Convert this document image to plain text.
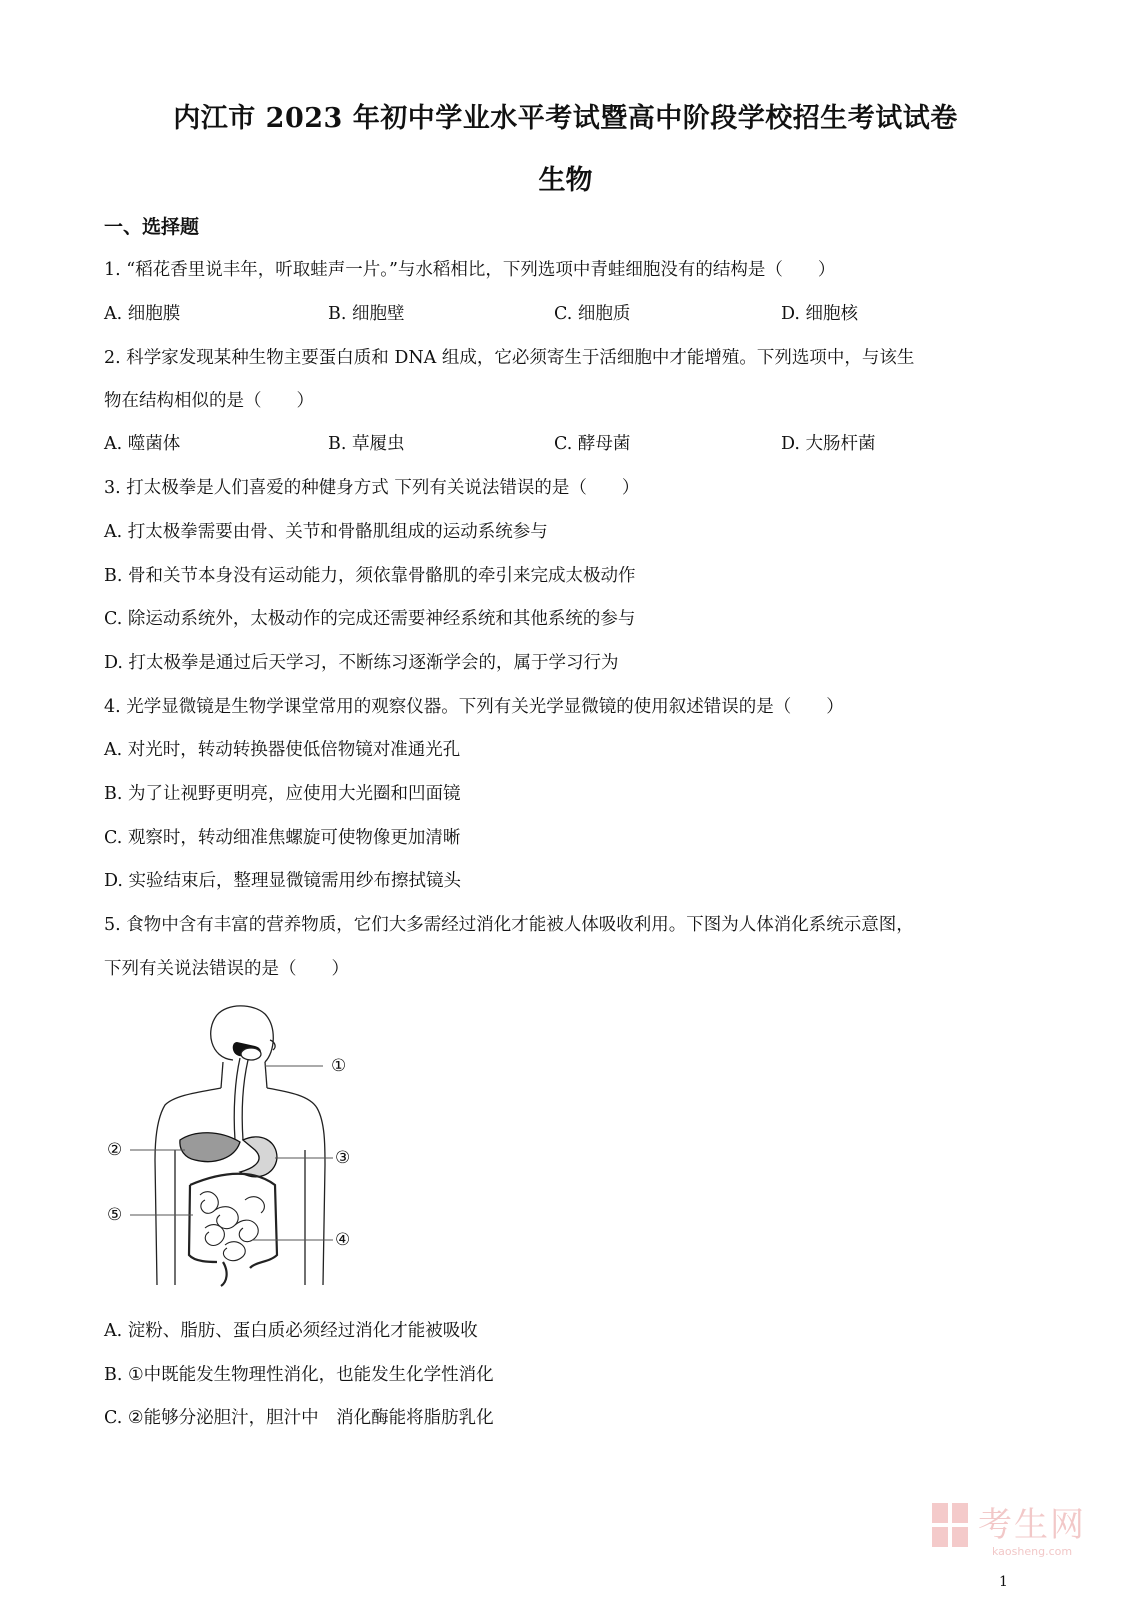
内江市 2023 年初中学业水平考试暨高中阶段学校招生考试试卷
生物
一、选择题
1. “稻花香里说丰年，听取蛙声一片。”与水稻相比，下列选项中青蛙细胞没有的结构是（　　）
A. 细胞膜	B. 细胞壁	C. 细胞质	D. 细胞核
2. 科学家发现某种生物主要蛋白质和 DNA 组成，它必须寄生于活细胞中才能增殖。下列选项中，与该生
物在结构相似的是（　　）
A. 噬菌体	B. 草履虫	C. 酵母菌	D. 大肠杆菌
3. 打太极拳是人们喜爱的种健身方式 下列有关说法错误的是（　　）
A. 打太极拳需要由骨、关节和骨骼肌组成的运动系统参与
B. 骨和关节本身没有运动能力，须依靠骨骼肌的牵引来完成太极动作
C. 除运动系统外，太极动作的完成还需要神经系统和其他系统的参与
D. 打太极拳是通过后天学习，不断练习逐渐学会的，属于学习行为
4. 光学显微镜是生物学课堂常用的观察仪器。下列有关光学显微镜的使用叙述错误的是（　　）
A. 对光时，转动转换器使低倍物镜对准通光孔
B. 为了让视野更明亮，应使用大光圈和凹面镜
C. 观察时，转动细准焦螺旋可使物像更加清晰
D. 实验结束后，整理显微镜需用纱布擦拭镜头
5. 食物中含有丰富的营养物质，它们大多需经过消化才能被人体吸收利用。下图为人体消化系统示意图，
下列有关说法错误的是（　　）
①
②	③
④
⑤
A. 淀粉、脂肪、蛋白质必须经过消化才能被吸收
B. ①中既能发生物理性消化，也能发生化学性消化
C. ②能够分泌胆汁，胆汁中　消化酶能将脂肪乳化
考生网
kaosheng.com
1
